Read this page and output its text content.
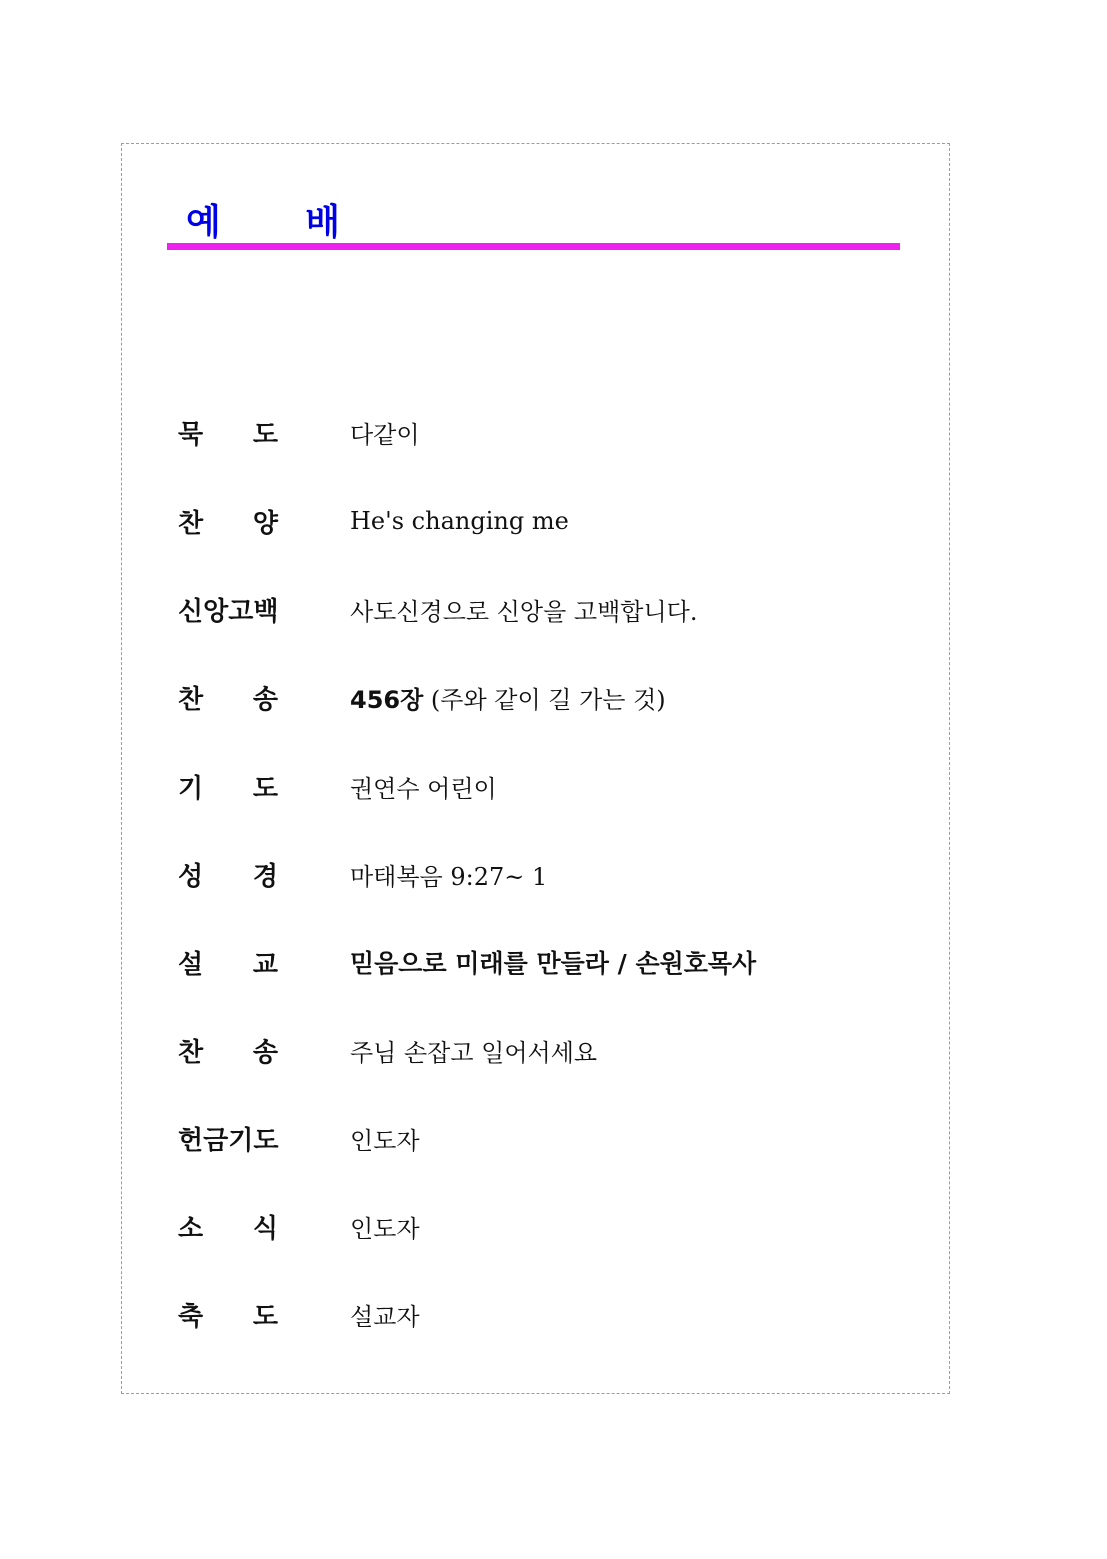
예 배
묵 도	다같이
찬 양	He's changing me
신앙고백	사도신경으로 신앙을 고백합니다.
찬 송	456장 (주와 같이 길 가는 것)
기 도	권연수 어린이
성 경	마태복음 9:27~ 1
설 교	믿음으로 미래를 만들라 / 손원호목사
찬 송	주님 손잡고 일어서세요
헌금기도	인도자
소 식	인도자
축 도	설교자
